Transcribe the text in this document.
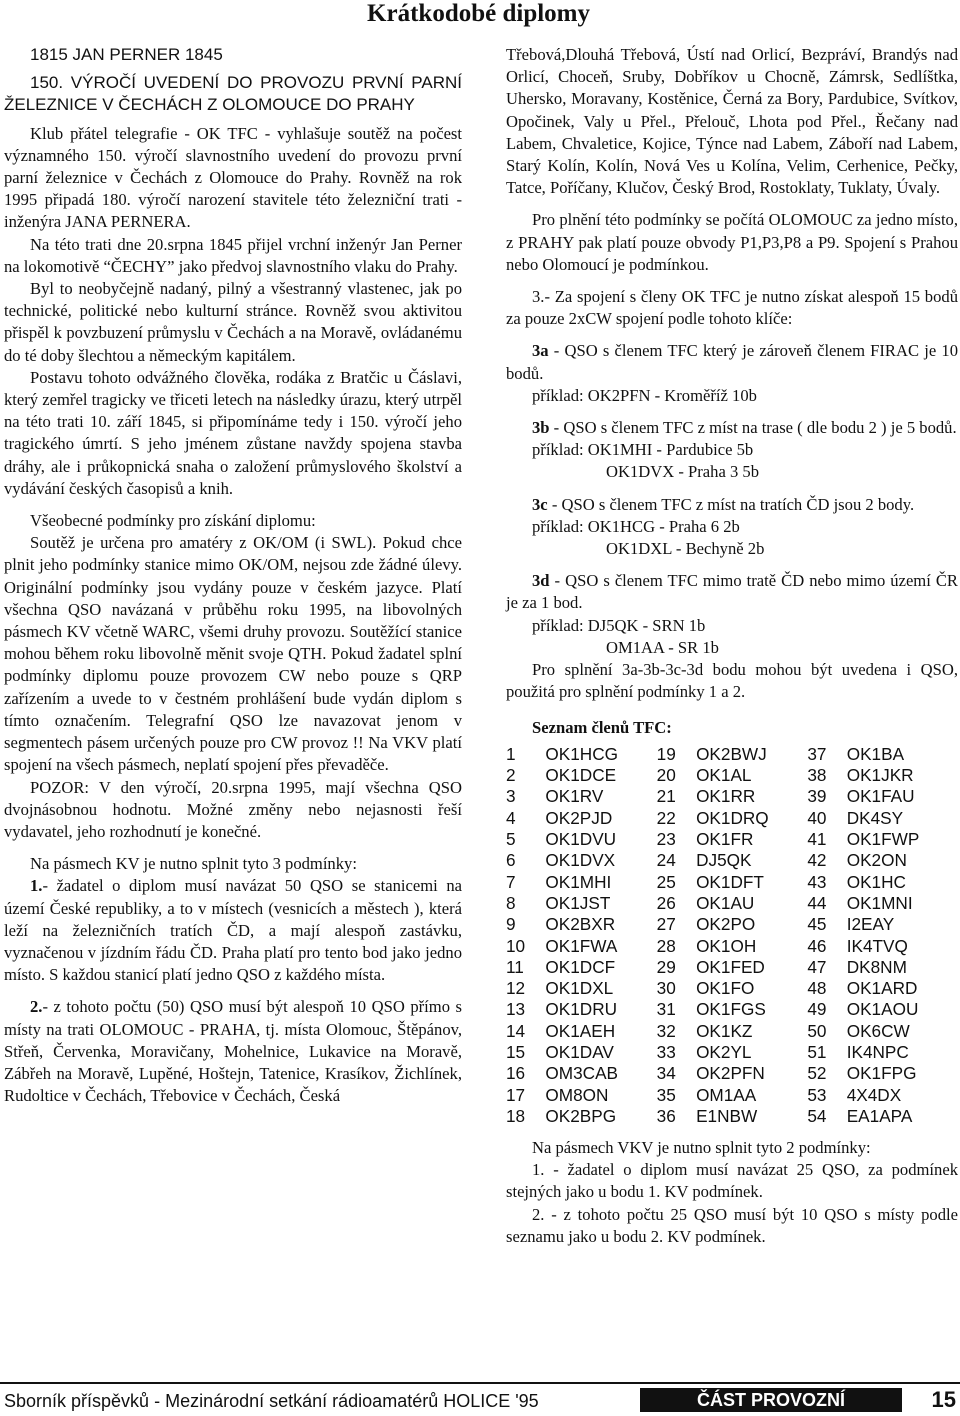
Krátkodobé diplomy

1815 JAN PERNER 1845

150. VÝROČÍ UVEDENÍ DO PROVOZU PRVNÍ PARNÍ ŽELEZNICE V ČECHÁCH Z OLOMOUCE DO PRAHY

Klub přátel telegrafie - OK TFC - vyhlašuje soutěž na počest významného 150. výročí slavnostního uvedení do provozu první parní železnice v Čechách z Olomouce do Prahy. Rovněž na rok 1995 připadá 180. výročí narození stavitele této železniční trati - inženýra JANA PERNERA.

Na této trati dne 20.srpna 1845 přijel vrchní inženýr Jan Perner na lokomotivě “ČECHY” jako předvoj slavnostního vlaku do Prahy.

Byl to neobyčejně nadaný, pilný a všestranný vlastenec, jak po technické, politické nebo kulturní stránce. Rovněž svou aktivitou přispěl k povzbuzení průmyslu v Čechách a na Moravě, ovládanému do té doby šlechtou a německým kapitálem.

Postavu tohoto odvážného člověka, rodáka z Bratčic u Čáslavi, který zemřel tragicky ve třiceti letech na následky úrazu, který utrpěl na této trati 10. září 1845, si připomínáme tedy i 150. výročí jeho tragického úmrtí. S jeho jménem zůstane navždy spojena stavba dráhy, ale i průkopnická snaha o založení průmyslového školství a vydávání českých časopisů a knih.

Všeobecné podmínky pro získání diplomu:

Soutěž je určena pro amatéry z OK/OM (i SWL). Pokud chce plnit jeho podmínky stanice mimo OK/OM, nejsou zde žádné úlevy. Originální podmínky jsou vydány pouze v českém jazyce. Platí všechna QSO navázaná v průběhu roku 1995, na libovolných pásmech KV včetně WARC, všemi druhy provozu. Soutěžící stanice mohou během roku libovolně měnit svoje QTH. Pokud žadatel splní podmínky diplomu pouze provozem CW nebo pouze s QRP zařízením a uvede to v čestném prohlášení bude vydán diplom s tímto označením. Telegrafní QSO lze navazovat jenom v segmentech pásem určených pouze pro CW provoz !! Na VKV platí spojení na všech pásmech, neplatí spojení přes převaděče.

POZOR: V den výročí, 20.srpna 1995, mají všechna QSO dvojnásobnou hodnotu. Možné změny nebo nejasnosti řeší vydavatel, jeho rozhodnutí je konečné.

Na pásmech KV je nutno splnit tyto 3 podmínky:

1.- žadatel o diplom musí navázat 50 QSO se stanicemi na území České republiky, a to v místech (vesnicích a městech ), která leží na železničních tratích ČD, a mají alespoň zastávku, vyznačenou v jízdním řádu ČD. Praha platí pro tento bod jako jedno místo. S každou stanicí platí jedno QSO z každého místa.

2.- z tohoto počtu (50) QSO musí být alespoň 10 QSO přímo s místy na trati OLOMOUC - PRAHA, tj. místa Olomouc, Štěpánov, Střeň, Červenka, Moravičany, Mohelnice, Lukavice na Moravě, Zábřeh na Moravě, Lupěné, Hoštejn, Tatenice, Krasíkov, Žichlínek, Rudoltice v Čechách, Třebovice v Čechách, Česká

Třebová,Dlouhá Třebová, Ústí nad Orlicí, Bezpráví, Brandýs nad Orlicí, Choceň, Sruby, Dobříkov u Chocně, Zámrsk, Sedlíštka, Uhersko, Moravany, Kostěnice, Černá za Bory, Pardubice, Svítkov, Opočinek, Valy u Přel., Přelouč, Lhota pod Přel., Řečany nad Labem, Chvaletice, Kojice, Týnce nad Labem, Záboří nad Labem, Starý Kolín, Kolín, Nová Ves u Kolína, Velim, Cerhenice, Pečky, Tatce, Poříčany, Klučov, Český Brod, Rostoklaty, Tuklaty, Úvaly.

Pro plnění této podmínky se počítá OLOMOUC za jedno místo, z PRAHY pak platí pouze obvody P1,P3,P8 a P9. Spojení s Prahou nebo Olomoucí je podmínkou.

3.- Za spojení s členy OK TFC je nutno získat alespoň 15 bodů za pouze 2xCW spojení podle tohoto klíče:

3a - QSO s členem TFC který je zároveň členem FIRAC je 10 bodů.

příklad: OK2PFN - Kroměříž 10b

3b - QSO s členem TFC z míst na trase ( dle bodu 2 ) je 5 bodů.

příklad: OK1MHI - Pardubice 5b

OK1DVX - Praha 3 5b

3c - QSO s členem TFC z míst na tratích ČD jsou 2 body.

příklad: OK1HCG - Praha 6 2b

OK1DXL - Bechyně 2b

3d - QSO s členem TFC mimo tratě ČD nebo mimo území ČR je za 1 bod.

příklad: DJ5QK - SRN 1b

OM1AA - SR 1b

Pro splnění 3a-3b-3c-3d bodu mohou být uvedena i QSO, použitá pro splnění podmínky 1 a 2.

Seznam členů TFC:

1	OK1HCG	19	OK2BWJ	37	OK1BA
2	OK1DCE	20	OK1AL	38	OK1JKR
3	OK1RV	21	OK1RR	39	OK1FAU
4	OK2PJD	22	OK1DRQ	40	DK4SY
5	OK1DVU	23	OK1FR	41	OK1FWP
6	OK1DVX	24	DJ5QK	42	OK2ON
7	OK1MHI	25	OK1DFT	43	OK1HC
8	OK1JST	26	OK1AU	44	OK1MNI
9	OK2BXR	27	OK2PO	45	I2EAY
10	OK1FWA	28	OK1OH	46	IK4TVQ
11	OK1DCF	29	OK1FED	47	DK8NM
12	OK1DXL	30	OK1FO	48	OK1ARD
13	OK1DRU	31	OK1FGS	49	OK1AOU
14	OK1AEH	32	OK1KZ	50	OK6CW
15	OK1DAV	33	OK2YL	51	IK4NPC
16	OM3CAB	34	OK2PFN	52	OK1FPG
17	OM8ON	35	OM1AA	53	4X4DX
18	OK2BPG	36	E1NBW	54	EA1APA

Na pásmech VKV je nutno splnit tyto 2 podmínky:

1. - žadatel o diplom musí navázat 25 QSO, za podmínek stejných jako u bodu 1. KV podmínek.

2. - z tohoto počtu 25 QSO musí být 10 QSO s místy podle seznamu jako u bodu 2. KV podmínek.

Sborník příspěvků - Mezinárodní setkání rádioamatérů HOLICE '95	ČÁST PROVOZNÍ	15
